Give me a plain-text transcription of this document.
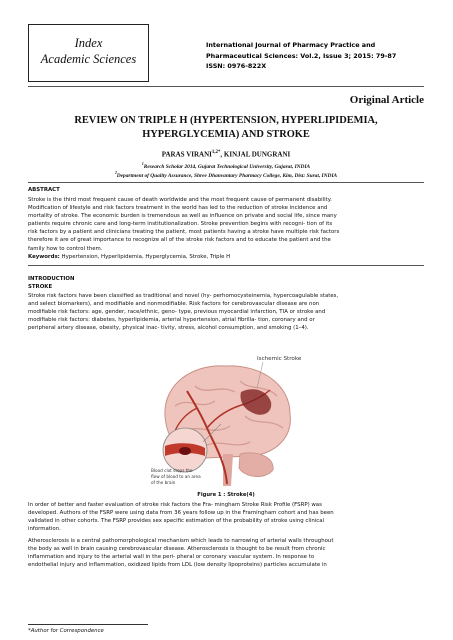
Index
Academic Sciences
International Journal of Pharmacy Practice and
Pharmaceutical Sciences: Vol.2, Issue 3; 2015: 79-87
ISSN: 0976-822X
Original Article
REVIEW ON TRIPLE H (HYPERTENSION, HYPERLIPIDEMIA,
HYPERGLYCEMIA) AND STROKE
PARAS $VIRANI^{1,2*}$, KINJAL DUNGRANI
$^1$Research Scholar 2014, Gujarat Technological University, Gujarat, INDIA
$^2$Department of Quality Assurance, Shree Dhanvantary Pharmacy College, Kim, Dist: Surat, INDIA
ABSTRACT
Stroke is the third most frequent cause of death worldwide and the most frequent cause of permanent disability.
Modification of lifestyle and risk factors treatment in the world has led to the reduction of stroke incidence and
mortality of stroke. The economic burden is tremendous as well as influence on private and social life, since many
patients require chronic care and long-term institutionalization. Stroke prevention begins with recogni- tion of its
risk factors by a patient and clinicians treating the patient, most patients having a stroke have multiple risk factors
therefore it are of great importance to recognize all of the stroke risk factors and to educate the patient and the
family how to control them.
Keywords: Hypertension, Hyperlipidemia, Hyperglycemia, Stroke, Triple H
INTRODUCTION
STROKE
Stroke risk factors have been classified as traditional and novel (hy- perhomocysteinemia, hypercoagulable states,
and select biomarkers), and modifiable and nonmodifiable. Risk factors for cerebrovascular disease are non
modifiable risk factors: age, gender, race/ethnic, geno- type, previous myocardial infarction, TIA or stroke and
modifiable risk factors: diabetes, hyperlipidemia, arterial hypertension, atrial fibrilla- tion, coronary and or
peripheral artery disease, obesity, physical inac- tivity, stress, alcohol consumption, and smoking (1–4).
Ischemic Stroke
Blood clot stops the
flow of blood to an area
of the brain
Figure 1 : Stroke(4)
In order of better and faster evaluation of stroke risk factors the Fra- mingham Stroke Risk Profile (FSRP) was
developed. Authors of the FSRP were using data from 36 years follow up in the Framingham cohort and has been
validated in other cohorts. The FSRP provides sex specific estimation of the probability of stroke using clinical
information.
Atherosclerosis is a central pathomorphological mechanism which leads to narrowing of arterial walls throughout
the body as well in brain causing cerebrovascular disease. Atherosclerosis is thought to be result from chronic
inflammation and injury to the arterial wall in the peri- pheral or coronary vascular system. In response to
endothelial injury and inflammation, oxidized lipids from LDL (low density lipoproteins) particles accumulate in
*Author for Correspondence
